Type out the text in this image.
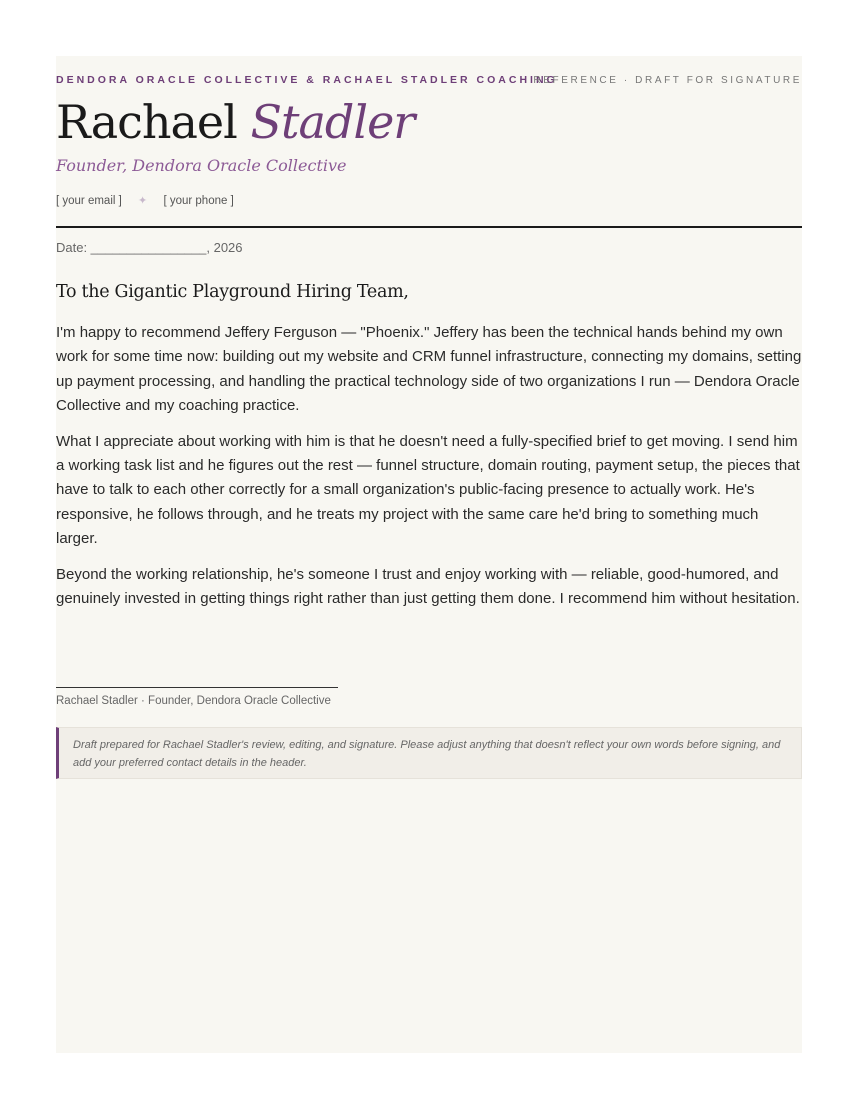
DENDORA ORACLE COLLECTIVE & RACHAEL STADLER COACHING
REFERENCE · DRAFT FOR SIGNATURE
Rachael Stadler
Founder, Dendora Oracle Collective
[ your email ] ✦ [ your phone ]
Date: ________________, 2026
To the Gigantic Playground Hiring Team,

I'm happy to recommend Jeffery Ferguson — "Phoenix." Jeffery has been the technical hands behind my own work for some time now: building out my website and CRM funnel infrastructure, connecting my domains, setting up payment processing, and handling the practical technology side of two organizations I run — Dendora Oracle Collective and my coaching practice.

What I appreciate about working with him is that he doesn't need a fully-specified brief to get moving. I send him a working task list and he figures out the rest — funnel structure, domain routing, payment setup, the pieces that have to talk to each other correctly for a small organization's public-facing presence to actually work. He's responsive, he follows through, and he treats my project with the same care he'd bring to something much larger.

Beyond the working relationship, he's someone I trust and enjoy working with — reliable, good-humored, and genuinely invested in getting things right rather than just getting them done. I recommend him without hesitation.

Rachael Stadler · Founder, Dendora Oracle Collective
Draft prepared for Rachael Stadler's review, editing, and signature. Please adjust anything that doesn't reflect your own words before signing, and add your preferred contact details in the header.
